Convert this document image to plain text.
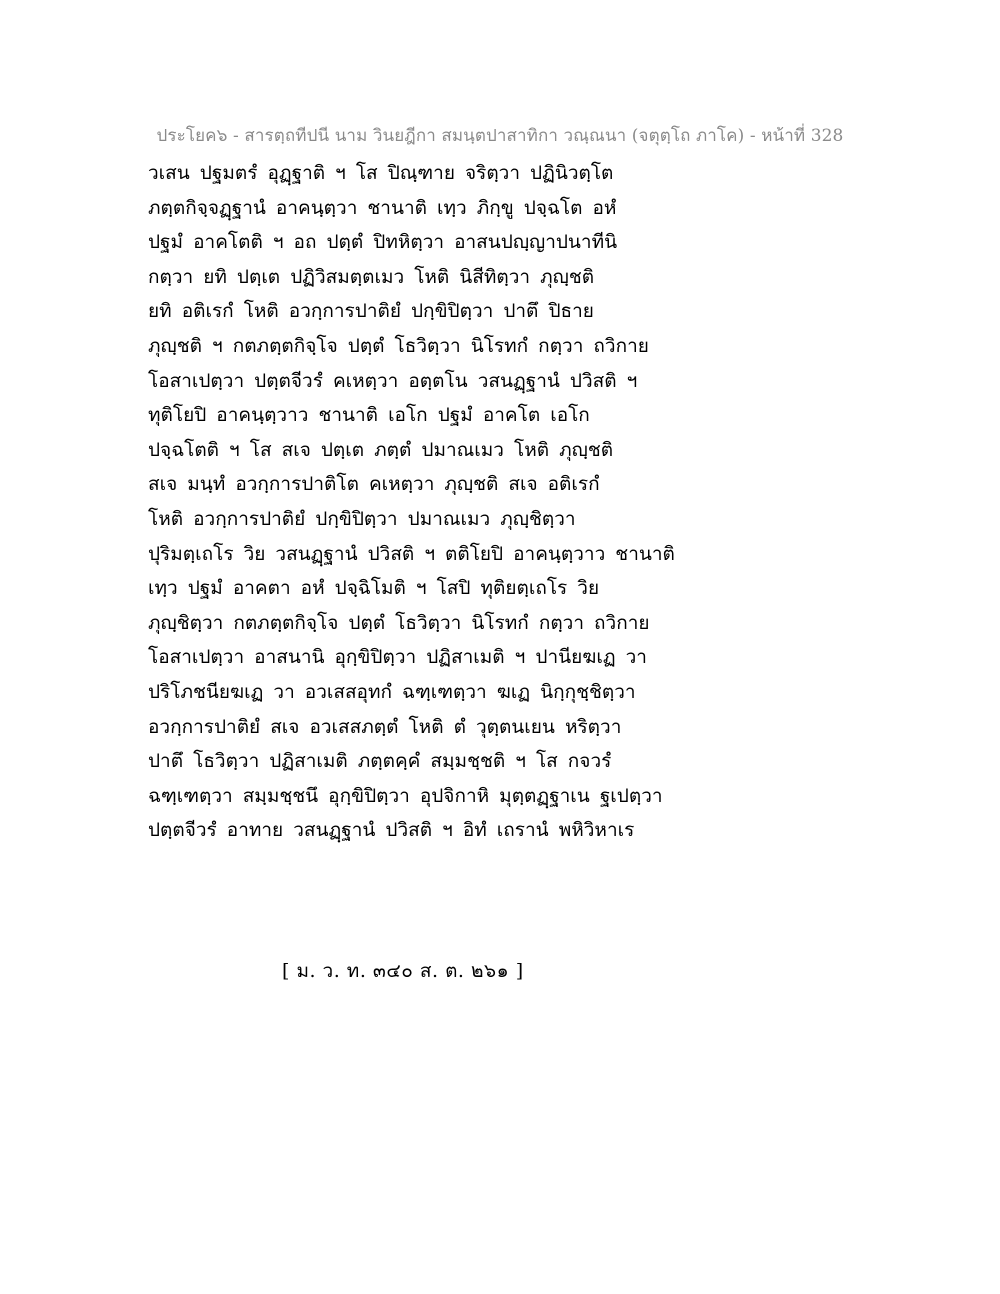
ประโยค๖ - สารตฺถทีปนี นาม วินยฎีกา สมนฺตปาสาทิกา วณฺณนา (จตุตฺโถ ภาโค) - หน้าที่ 328
วเสน ปฐมตรํ อุฏฺฐาติ ฯ โส ปิณฺฑาย จริตฺวา ปฏินิวตฺโต
ภตฺตกิจฺจฏฺฐานํ อาคนฺตฺวา ชานาติ เทฺว ภิกฺขู ปจฺฉโต อหํ
ปฐมํ อาคโตติ ฯ อถ ปตฺตํ ปิทหิตฺวา อาสนปญฺญาปนาทีนิ
กตฺวา ยทิ ปตฺเต ปฏิวิสมตฺตเมว โหติ นิสีทิตฺวา ภุญฺชติ
ยทิ อติเรกํ โหติ อวกฺการปาติยํ ปกฺขิปิตฺวา ปาตึ ปิธาย
ภุญฺชติ ฯ กตภตฺตกิจฺโจ ปตฺตํ โธวิตฺวา นิโรทกํ กตฺวา ถวิกาย
โอสาเปตฺวา ปตฺตจีวรํ คเหตฺวา อตฺตโน วสนฏฺฐานํ ปวิสติ ฯ
ทุติโยปิ อาคนฺตฺวาว ชานาติ เอโก ปฐมํ อาคโต เอโก
ปจฺฉโตติ ฯ โส สเจ ปตฺเต ภตฺตํ ปมาณเมว โหติ ภุญฺชติ
สเจ มนฺทํ อวกฺการปาติโต คเหตฺวา ภุญฺชติ สเจ อติเรกํ
โหติ อวกฺการปาติยํ ปกฺขิปิตฺวา ปมาณเมว ภุญฺชิตฺวา
ปุริมตฺเถโร วิย วสนฏฺฐานํ ปวิสติ ฯ ตติโยปิ อาคนฺตฺวาว ชานาติ
เทฺว ปฐมํ อาคตา อหํ ปจฺฉิโมติ ฯ โสปิ ทุติยตฺเถโร วิย
ภุญฺชิตฺวา กตภตฺตกิจฺโจ ปตฺตํ โธวิตฺวา นิโรทกํ กตฺวา ถวิกาย
โอสาเปตฺวา อาสนานิ อุกฺขิปิตฺวา ปฏิสาเมติ ฯ ปานียฆเฏ วา
ปริโภชนียฆเฏ วา อวเสสอุทกํ ฉฑฺเฑตฺวา ฆเฏ นิกฺกุชฺชิตฺวา
อวกฺการปาติยํ สเจ อวเสสภตฺตํ โหติ ตํ วุตฺตนเยน หริตฺวา
ปาตึ โธวิตฺวา ปฏิสาเมติ ภตฺตคฺคํ สมฺมชฺชติ ฯ โส กจวรํ
ฉฑฺเฑตฺวา สมฺมชฺชนึ อุกฺขิปิตฺวา อุปจิกาหิ มุตฺตฏฺฐาเน ฐเปตฺวา
ปตฺตจีวรํ อาทาย วสนฏฺฐานํ ปวิสติ ฯ อิทํ เถรานํ พหิวิหาเร
[ ม. ว. ท. ๓๔๐ ส. ต. ๒๖๑ ]
